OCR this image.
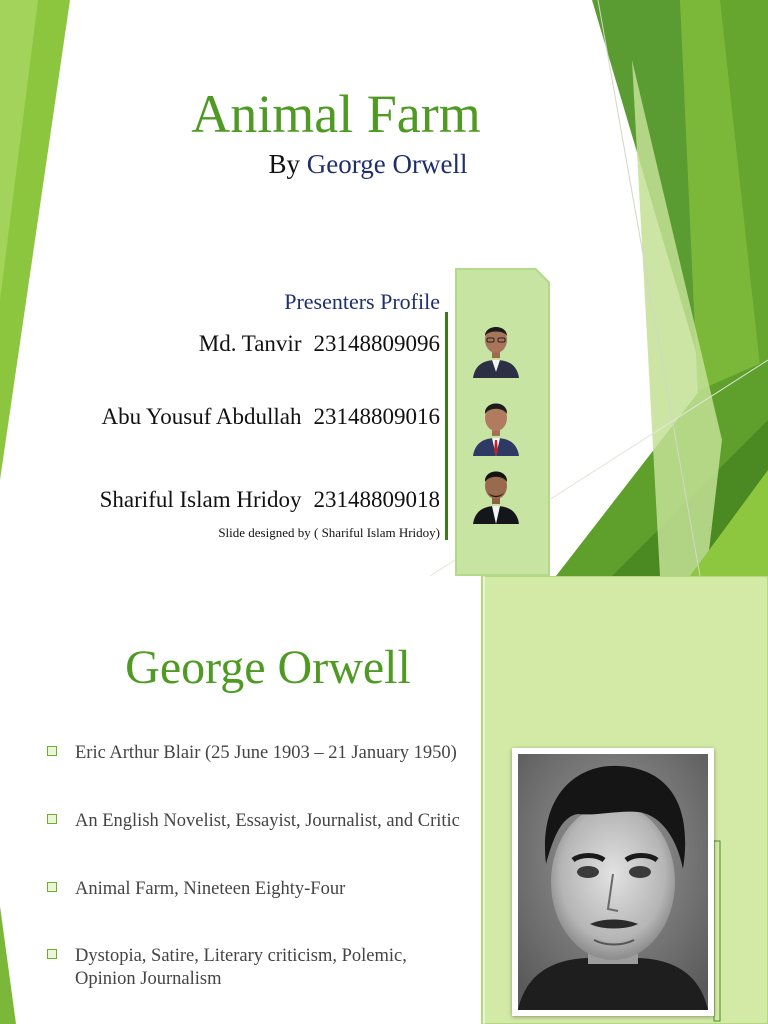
Animal Farm
By George Orwell
Presenters Profile
Md. Tanvir 23148809096
Abu Yousuf Abdullah 23148809016
Shariful Islam Hridoy 23148809018
Slide designed by ( Shariful Islam Hridoy)
George Orwell
Eric Arthur Blair (25 June 1903 – 21 January 1950)
An English Novelist, Essayist, Journalist, and Critic
Animal Farm, Nineteen Eighty-Four
Dystopia, Satire, Literary criticism, Polemic, Opinion Journalism
